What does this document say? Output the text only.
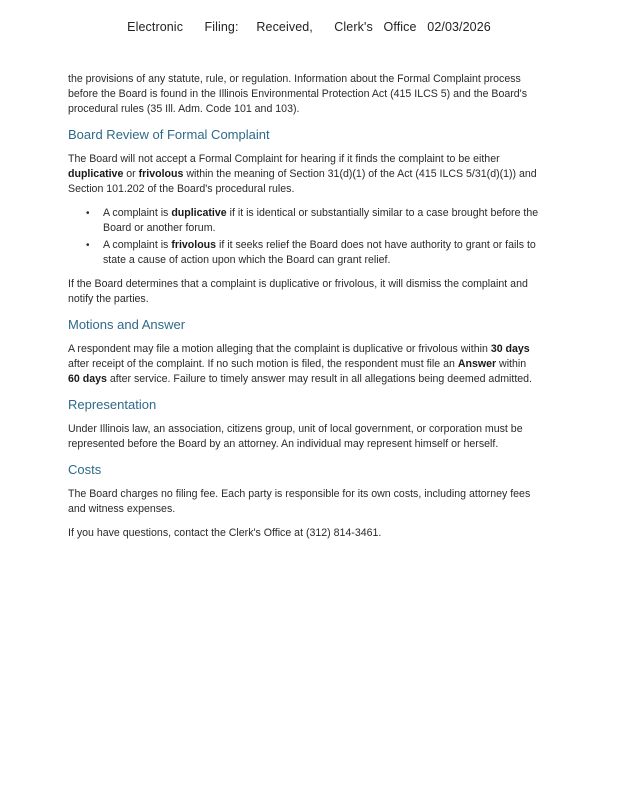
Electronic      Filing:     Received,      Clerk's   Office   02/03/2026

the provisions of any statute, rule, or regulation. Information about the Formal Complaint process before the Board is found in the Illinois Environmental Protection Act (415 ILCS 5) and the Board's procedural rules (35 Ill. Adm. Code 101 and 103).

Board Review of Formal Complaint

The Board will not accept a Formal Complaint for hearing if it finds the complaint to be either duplicative or frivolous within the meaning of Section 31(d)(1) of the Act (415 ILCS 5/31(d)(1)) and Section 101.202 of the Board's procedural rules.

• A complaint is duplicative if it is identical or substantially similar to a case brought before the Board or another forum.
• A complaint is frivolous if it seeks relief the Board does not have authority to grant or fails to state a cause of action upon which the Board can grant relief.

If the Board determines that a complaint is duplicative or frivolous, it will dismiss the complaint and notify the parties.

Motions and Answer

A respondent may file a motion alleging that the complaint is duplicative or frivolous within 30 days after receipt of the complaint. If no such motion is filed, the respondent must file an Answer within 60 days after service. Failure to timely answer may result in all allegations being deemed admitted.

Representation

Under Illinois law, an association, citizens group, unit of local government, or corporation must be represented before the Board by an attorney. An individual may represent himself or herself.

Costs

The Board charges no filing fee. Each party is responsible for its own costs, including attorney fees and witness expenses.

If you have questions, contact the Clerk's Office at (312) 814-3461.
